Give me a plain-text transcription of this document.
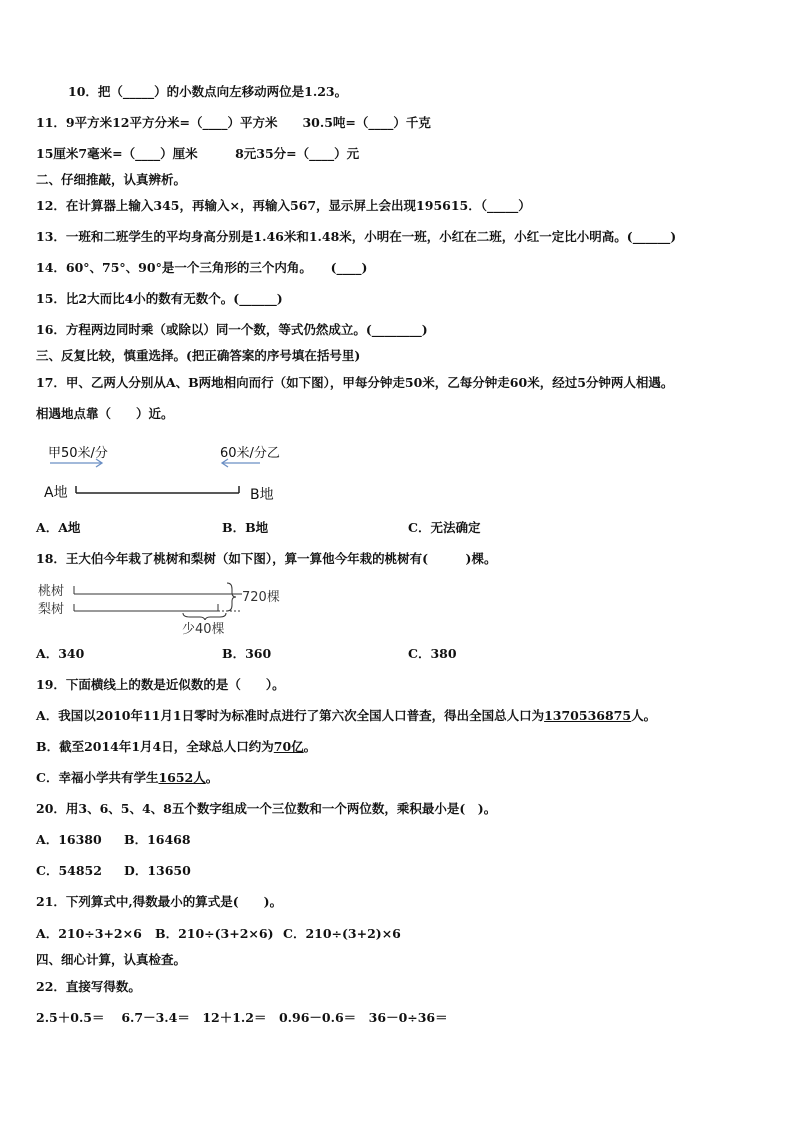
10．把（_____）的小数点向左移动两位是1.23。
11．9平方米12平方分米=（____）平方米　　30.5吨=（____）千克
15厘米7毫米=（____）厘米　　　8元35分=（____）元
二、仔细推敲，认真辨析。
12．在计算器上输入345，再输入×，再输入567，显示屏上会出现195615．（_____）
13．一班和二班学生的平均身高分别是1.46米和1.48米，小明在一班，小红在二班，小红一定比小明高。(______)
14．60°、75°、90°是一个三角形的三个内角。　　(____)
15．比2大而比4小的数有无数个。(______)
16．方程两边同时乘（或除以）同一个数，等式仍然成立。(________)
三、反复比较，慎重选择。(把正确答案的序号填在括号里)
17．甲、乙两人分别从A、B两地相向而行（如下图），甲每分钟走50米，乙每分钟走60米，经过5分钟两人相遇。
相遇地点靠（　　）近。
甲50米/分	60米/分乙
A地	B地
A．A地	B．B地	C．无法确定
18．王大伯今年栽了桃树和梨树（如下图），算一算他今年栽的桃树有(　　　)棵。
桃树
梨树
720棵
少40棵
A．340	B．360	C．380
19．下面横线上的数是近似数的是（　　）。
A．我国以2010年11月1日零时为标准时点进行了第六次全国人口普查，得出全国总人口为1370536875人。
B．截至2014年1月4日，全球总人口约为70亿。
C．幸福小学共有学生1652人。
20．用3、6、5、4、8五个数字组成一个三位数和一个两位数，乘积最小是(　)。
A．16380 B．16468
C．54852 D．13650
21．下列算式中,得数最小的算式是(　　)。
A．210÷3+2×6 B．210÷(3+2×6) C．210÷(3+2)×6
四、细心计算，认真检查。
22．直接写得数。
2.5＋0.5＝　 6.7－3.4＝　12＋1.2＝　0.96－0.6＝　36－0÷36＝
